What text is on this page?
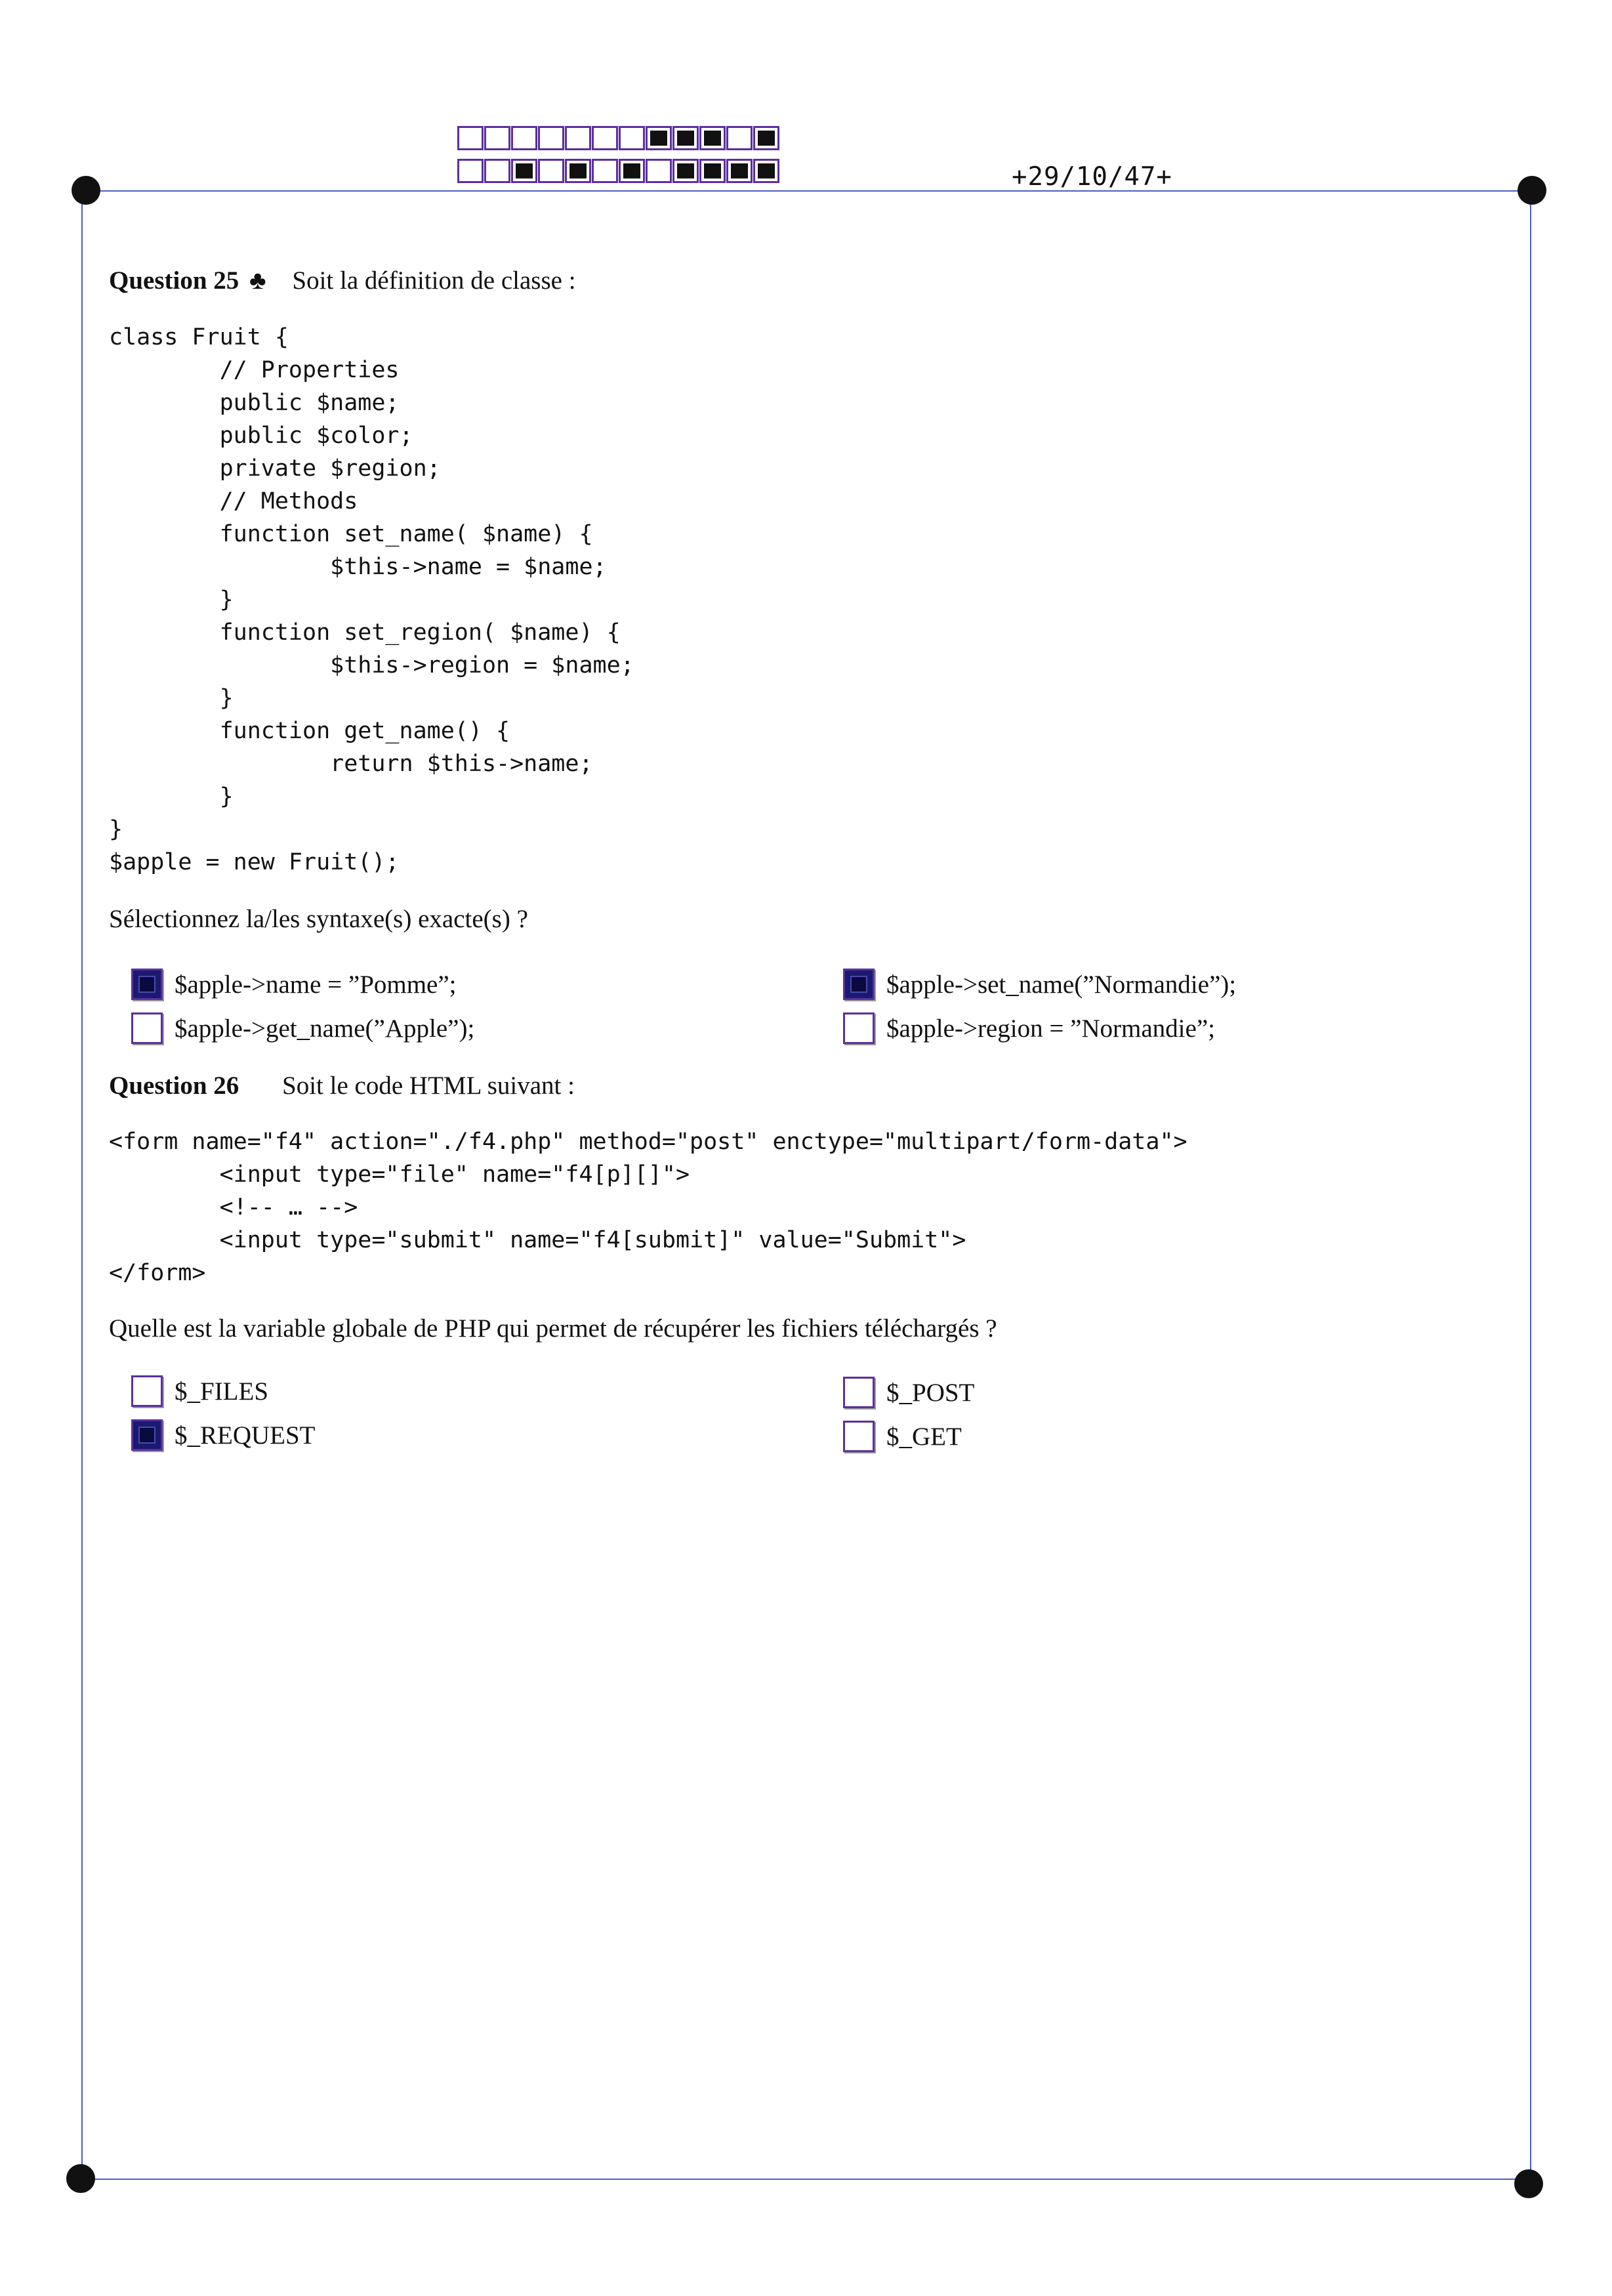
+29/10/47+
Question 25 ♣ Soit la définition de classe :
class Fruit {
// Properties
public $name;
public $color;
private $region;
// Methods
function set_name( $name) {
$this->name = $name;
}
function set_region( $name) {
$this->region = $name;
}
function get_name() {
return $this->name;
}
}
$apple = new Fruit();
Sélectionnez la/les syntaxe(s) exacte(s) ?
$apple->name = ”Pomme”;	$apple->set_name(”Normandie”);
$apple->get_name(”Apple”);	$apple->region = ”Normandie”;
Question 26 Soit le code HTML suivant :
<form name="f4" action="./f4.php" method="post" enctype="multipart/form-data">
<input type="file" name="f4[p][]">
<!-- … -->
<input type="submit" name="f4[submit]" value="Submit">
</form>
Quelle est la variable globale de PHP qui permet de récupérer les fichiers téléchargés ?
$_FILES	$_POST
$_REQUEST	$_GET
